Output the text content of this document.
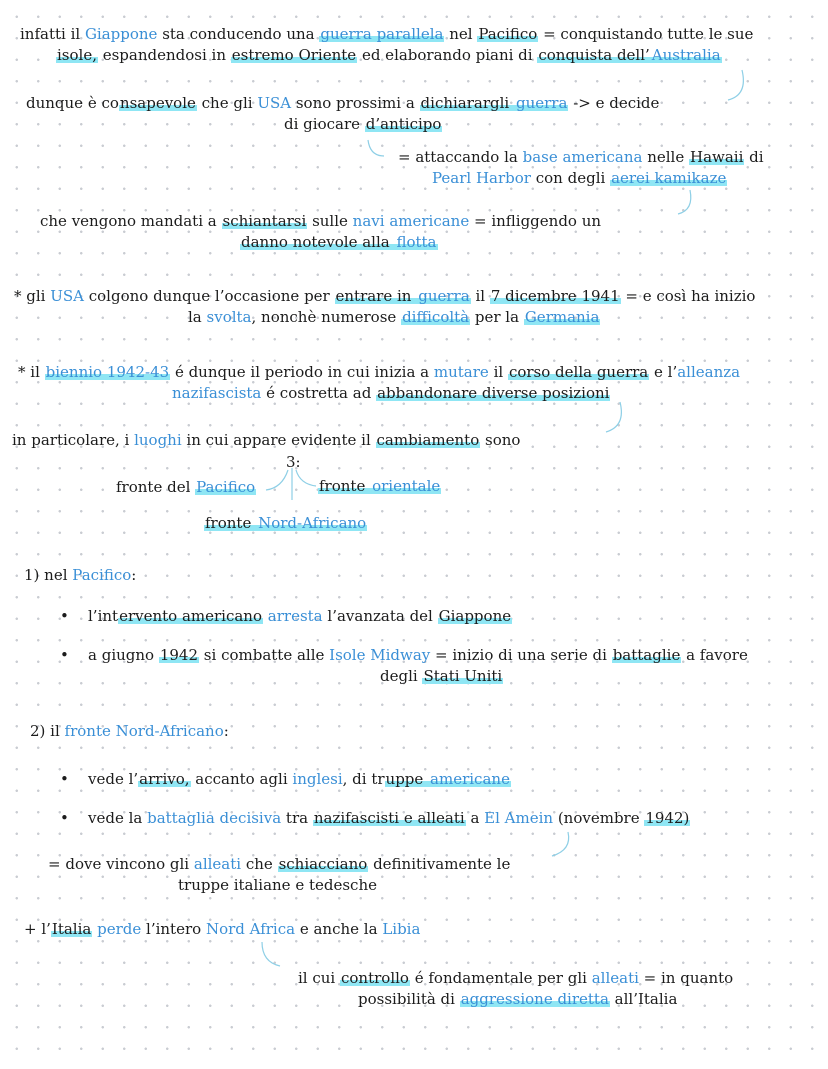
infatti il Giappone sta conducendo una guerra parallela nel Pacifico = conquistando tutte le sue
isole, espandendosi in estremo Oriente ed elaborando piani di conquista dell’ Australia
dunque è consapevole che gli USA sono prossimi a dichiarargli guerra -> e decide
di giocare d’anticipo
= attaccando la base americana nelle Hawaii di
Pearl Harbor con degli aerei kamikaze
che vengono mandati a schiantarsi sulle navi americane = infliggendo un
danno notevole alla flotta
* gli USA colgono dunque l’occasione per entrare in guerra il 7 dicembre 1941 = e così ha inizio
la svolta, nonchè numerose difficoltà per la Germania
* il biennio 1942-43 é dunque il periodo in cui inizia a mutare il corso della guerra e l’alleanza
nazifascista é costretta ad abbandonare diverse posizioni
in particolare, i luoghi in cui appare evidente il cambiamento sono
3:
fronte del Pacifico	fronte orientale
fronte Nord-Africano
1) nel Pacifico:
• l’intervento americano arresta l’avanzata del Giappone
• a giugno 1942 si combatte alle Isole Midway = inizio di una serie di battaglie a favore
degli Stati Uniti
2) il fronte Nord-Africano:
• vede l’arrivo, accanto agli inglesi, di truppe americane
• vede la battaglia decisiva tra nazifascisti e alleati a El Amein (novembre 1942)
= dove vincono gli alleati che schiacciano definitivamente le
truppe italiane e tedesche
+ l’Italia perde l’intero Nord Africa e anche la Libia
il cui controllo é fondamentale per gli alleati = in quanto
possibilità di aggressione diretta all’Italia
